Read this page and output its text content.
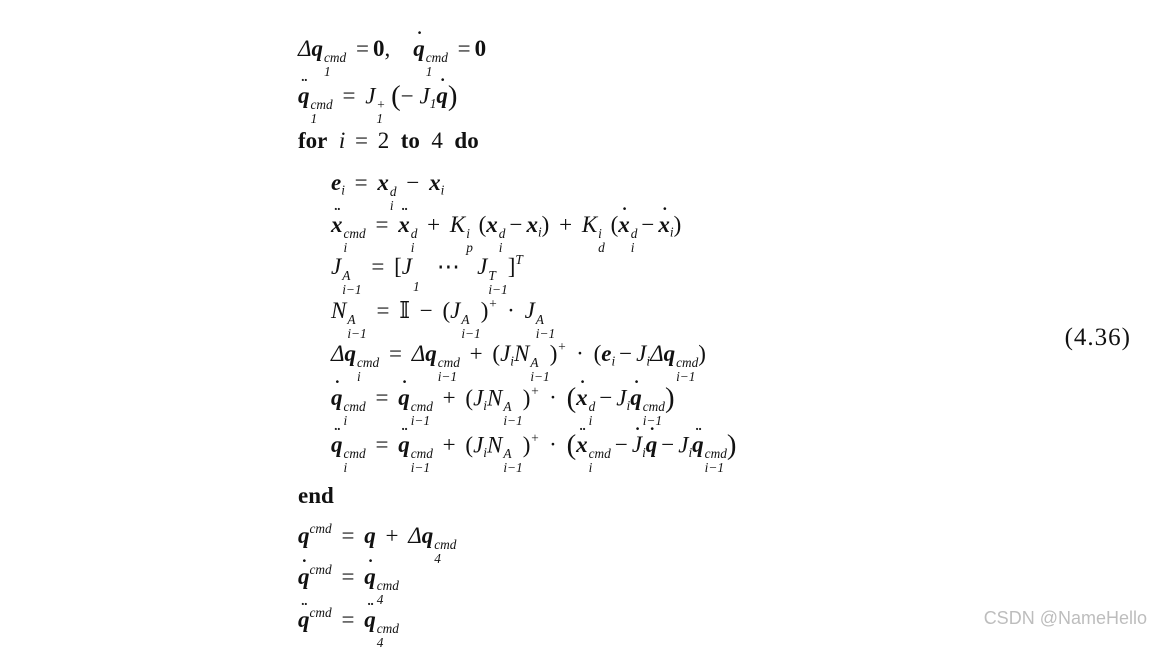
Δq cmd
1
= 0,    ˙ q cmd
1
= 0
¨ q cmd
1
= J +
1
(− $J_1˙$ q)
for i = 2 to 4 do
$e_i = x$ d
i
− $x_i$
¨ x cmd
i
= ¨ x d
i
+ K i
p
(x d
i
− $x_i) + K$ i
d
(˙ x d
i
− ˙ $x_i$)
J A
i−1
= [J
1
⋯ J T
i−1
]$^T$
N A
i−1
= 𝕀 − (J A
i−1
)+ · J A
i−1
Δq cmd
i
= Δq cmd
i−1
+ ($J_iN$ A
i−1
)$^+ \cdot (e_i - J_i\Delta q$ cmd
i−1
)
˙ q cmd
i
= ˙ q cmd
i−1
+ ($J_iN$ A
i−1
)+ · (˙ x d
i
− $J_i˙$ q cmd
i−1
)
¨ q cmd
i
= ¨ q cmd
i−1
+ ($J_iN$ A
i−1
)+ · (¨ x cmd
i
− ˙ $J_i˙$ $q - J_i¨$ q cmd
i−1
)
end
$q^{cmd} = q + \Delta q$ cmd
4
˙ $q^{cmd}$ = ˙ q cmd
4
¨ $q^{cmd}$ = ¨ q cmd
4
(4.36)
CSDN @NameHello
